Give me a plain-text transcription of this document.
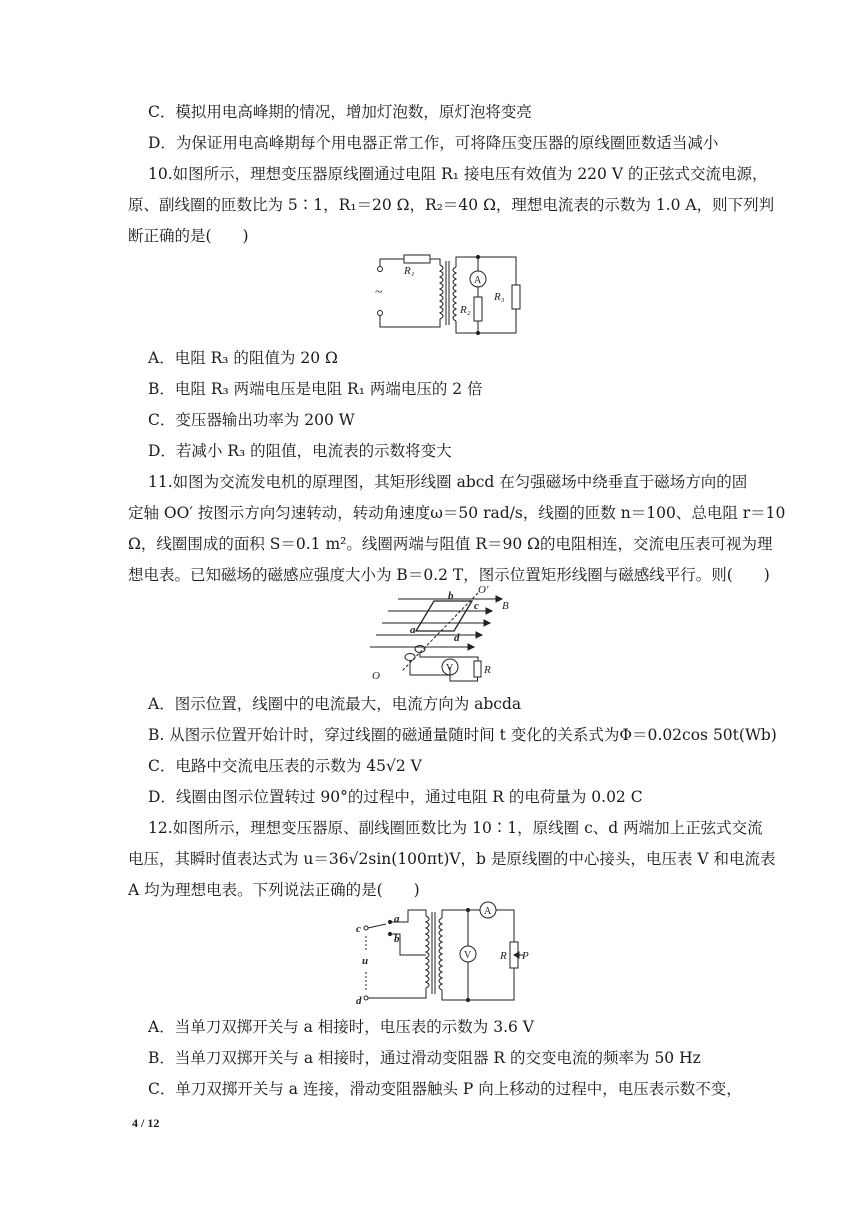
C．模拟用电高峰期的情况，增加灯泡数，原灯泡将变亮
D．为保证用电高峰期每个用电器正常工作，可将降压变压器的原线圈匝数适当减小
10.如图所示，理想变压器原线圈通过电阻 R₁ 接电压有效值为 220 V 的正弦式交流电源，
原、副线圈的匝数比为 5∶1，R₁＝20 Ω，R₂＝40 Ω，理想电流表的示数为 1.0 A，则下列判
断正确的是(　　)
~
A
R₁
R₂
R₃
A．电阻 R₃ 的阻值为 20 Ω
B．电阻 R₃ 两端电压是电阻 R₁ 两端电压的 2 倍
C．变压器输出功率为 200 W
D．若减小 R₃ 的阻值，电流表的示数将变大
11.如图为交流发电机的原理图，其矩形线圈 abcd 在匀强磁场中绕垂直于磁场方向的固
定轴 OO′ 按图示方向匀速转动，转动角速度ω＝50 rad/s，线圈的匝数 n＝100、总电阻 r＝10
Ω，线圈围成的面积 S＝0.1 m²。线圈两端与阻值 R＝90 Ω的电阻相连，交流电压表可视为理
想电表。已知磁场的磁感应强度大小为 B＝0.2 T，图示位置矩形线圈与磁感线平行。则(　　)
V	R
O′
O
b
c
a
d
B
A．图示位置，线圈中的电流最大，电流方向为 abcda
B. 从图示位置开始计时，穿过线圈的磁通量随时间 t 变化的关系式为Φ＝0.02cos 50t(Wb)
C．电路中交流电压表的示数为 45√2 V
D．线圈由图示位置转过 90°的过程中，通过电阻 R 的电荷量为 0.02 C
12.如图所示，理想变压器原、副线圈匝数比为 10∶1，原线圈 c、d 两端加上正弦式交流
电压，其瞬时值表达式为 u＝36√2sin(100πt)V，b 是原线圈的中心接头，电压表 V 和电流表
A 均为理想电表。下列说法正确的是(　　)
c
d
a
b
u
A
V	R P
A．当单刀双掷开关与 a 相接时，电压表的示数为 3.6 V
B．当单刀双掷开关与 a 相接时，通过滑动变阻器 R 的交变电流的频率为 50 Hz
C．单刀双掷开关与 a 连接，滑动变阻器触头 P 向上移动的过程中，电压表示数不变，
4 / 12
